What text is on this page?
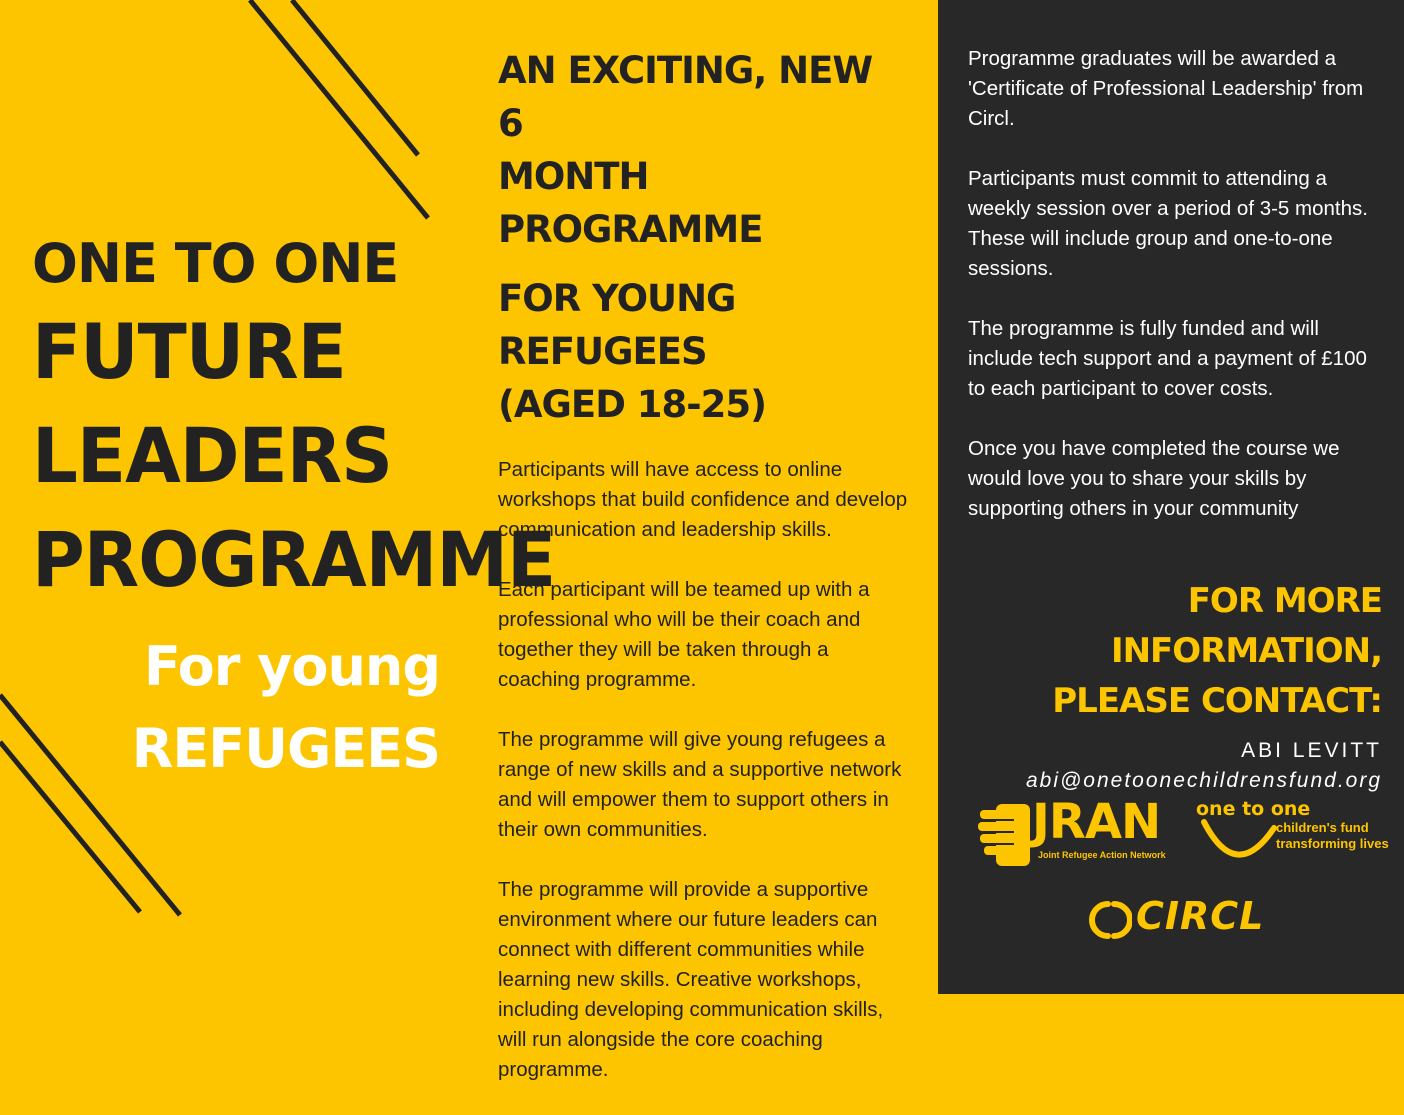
ONE TO ONE
FUTURE
LEADERS
PROGRAMME
For young
REFUGEES
AN EXCITING, NEW 6
MONTH PROGRAMME
FOR YOUNG REFUGEES
(AGED 18-25)

Participants will have access to online workshops that build confidence and develop communication and leadership skills.

Each participant will be teamed up with a professional who will be their coach and together they will be taken through a coaching programme.

The programme will give young refugees a range of new skills and a supportive network and will empower them to support others in their own communities.

The programme will provide a supportive environment where our future leaders can connect with different communities while learning new skills. Creative workshops, including developing communication skills, will run alongside the core coaching programme.

Programme graduates will be awarded a 'Certificate of Professional Leadership' from Circl.

Participants must commit to attending a weekly session over a period of 3-5 months. These will include group and one-to-one sessions.

The programme is fully funded and will include tech support and a payment of £100 to each participant to cover costs.

Once you have completed the course we would love you to share your skills by supporting others in your community

FOR MORE INFORMATION,
PLEASE CONTACT:
ABI LEVITT
abi@onetoonechildrensfund.org
JRAN
Joint Refugee Action Network
one to one
children's fund
transforming lives
CIRCL
